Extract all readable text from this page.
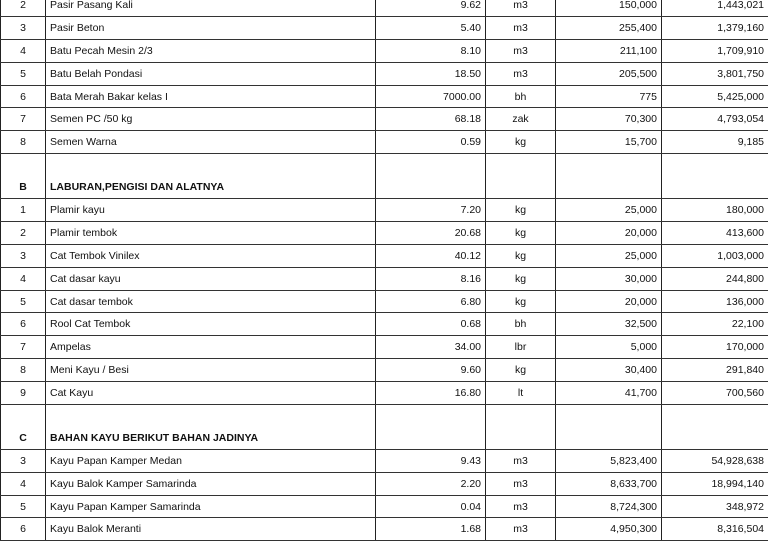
2	Pasir Pasang Kali	9.62	m3	150,000	1,443,021
3	Pasir Beton	5.40	m3	255,400	1,379,160
4	Batu Pecah Mesin 2/3	8.10	m3	211,100	1,709,910
5	Batu Belah Pondasi	18.50	m3	205,500	3,801,750
6	Bata Merah Bakar kelas I	7000.00	bh	775	5,425,000
7	Semen PC /50 kg	68.18	zak	70,300	4,793,054
8	Semen Warna	0.59	kg	15,700	9,185

B	LABURAN,PENGISI DAN ALATNYA				
1	Plamir kayu	7.20	kg	25,000	180,000
2	Plamir tembok	20.68	kg	20,000	413,600
3	Cat Tembok Vinilex	40.12	kg	25,000	1,003,000
4	Cat dasar kayu	8.16	kg	30,000	244,800
5	Cat dasar tembok	6.80	kg	20,000	136,000
6	Rool Cat Tembok	0.68	bh	32,500	22,100
7	Ampelas	34.00	lbr	5,000	170,000
8	Meni Kayu / Besi	9.60	kg	30,400	291,840
9	Cat Kayu	16.80	lt	41,700	700,560

C	BAHAN KAYU BERIKUT BAHAN JADINYA				
3	Kayu Papan Kamper Medan	9.43	m3	5,823,400	54,928,638
4	Kayu Balok Kamper Samarinda	2.20	m3	8,633,700	18,994,140
5	Kayu Papan Kamper Samarinda	0.04	m3	8,724,300	348,972
6	Kayu Balok Meranti	1.68	m3	4,950,300	8,316,504
